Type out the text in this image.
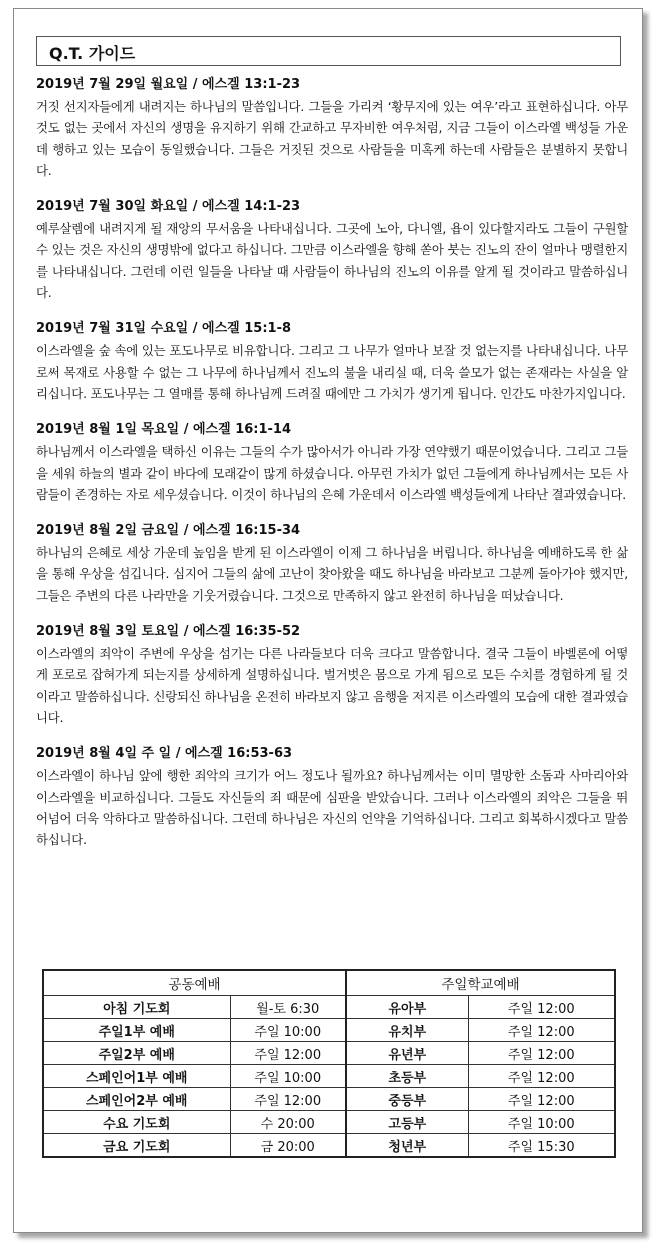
Q.T. 가이드

2019년 7월 29일 월요일 / 에스겔 13:1-23

거짓 선지자들에게 내려지는 하나님의 말씀입니다. 그들을 가리켜 ‘황무지에 있는 여우’라고 표현하십니다. 아무 것도 없는 곳에서 자신의 생명을 유지하기 위해 간교하고 무자비한 여우처럼, 지금 그들이 이스라엘 백성들 가운데 행하고 있는 모습이 동일했습니다. 그들은 거짓된 것으로 사람들을 미혹케 하는데 사람들은 분별하지 못합니다.

2019년 7월 30일 화요일 / 에스겔 14:1-23

예루살렘에 내려지게 될 재앙의 무서움을 나타내십니다. 그곳에 노아, 다니엘, 욥이 있다할지라도 그들이 구원할 수 있는 것은 자신의 생명밖에 없다고 하십니다. 그만큼 이스라엘을 향해 쏟아 붓는 진노의 잔이 얼마나 맹렬한지를 나타내십니다. 그런데 이런 일들을 나타날 때 사람들이 하나님의 진노의 이유를 알게 될 것이라고 말씀하십니다.

2019년 7월 31일 수요일 / 에스겔 15:1-8

이스라엘을 숲 속에 있는 포도나무로 비유합니다. 그리고 그 나무가 얼마나 보잘 것 없는지를 나타내십니다. 나무로써 목재로 사용할 수 없는 그 나무에 하나님께서 진노의 불을 내리실 때, 더욱 쓸모가 없는 존재라는 사실을 알리십니다. 포도나무는 그 열매를 통해 하나님께 드려질 때에만 그 가치가 생기게 됩니다. 인간도 마찬가지입니다.

2019년 8월 1일 목요일 / 에스겔 16:1-14

하나님께서 이스라엘을 택하신 이유는 그들의 수가 많아서가 아니라 가장 연약했기 때문이었습니다. 그리고 그들을 세워 하늘의 별과 같이 바다에 모래같이 많게 하셨습니다. 아무런 가치가 없던 그들에게 하나님께서는 모든 사람들이 존경하는 자로 세우셨습니다. 이것이 하나님의 은혜 가운데서 이스라엘 백성들에게 나타난 결과였습니다.

2019년 8월 2일 금요일 / 에스겔 16:15-34

하나님의 은혜로 세상 가운데 높임을 받게 된 이스라엘이 이제 그 하나님을 버립니다. 하나님을 예배하도록 한 삶을 통해 우상을 섬깁니다. 심지어 그들의 삶에 고난이 찾아왔을 때도 하나님을 바라보고 그분께 돌아가야 했지만, 그들은 주변의 다른 나라만을 기웃거렸습니다. 그것으로 만족하지 않고 완전히 하나님을 떠났습니다.

2019년 8월 3일 토요일 / 에스겔 16:35-52

이스라엘의 죄악이 주변에 우상을 섬기는 다른 나라들보다 더욱 크다고 말씀합니다. 결국 그들이 바벨론에 어떻게 포로로 잡혀가게 되는지를 상세하게 설명하십니다. 벌거벗은 몸으로 가게 됨으로 모든 수치를 경험하게 될 것이라고 말씀하십니다. 신랑되신 하나님을 온전히 바라보지 않고 음행을 저지른 이스라엘의 모습에 대한 결과였습니다.

2019년 8월 4일 주 일 / 에스겔 16:53-63

이스라엘이 하나님 앞에 행한 죄악의 크기가 어느 정도나 될까요? 하나님께서는 이미 멸망한 소돔과 사마리아와 이스라엘을 비교하십니다. 그들도 자신들의 죄 때문에 심판을 받았습니다. 그러나 이스라엘의 죄악은 그들을 뛰어넘어 더욱 악하다고 말씀하십니다. 그런데 하나님은 자신의 언약을 기억하십니다. 그리고 회복하시겠다고 말씀하십니다.

공동예배		주일학교예배	
아침 기도회	월-토 6:30	유아부	주일 12:00
주일1부 예배	주일 10:00	유치부	주일 12:00
주일2부 예배	주일 12:00	유년부	주일 12:00
스페인어1부 예배	주일 10:00	초등부	주일 12:00
스페인어2부 예배	주일 12:00	중등부	주일 12:00
수요 기도회	수 20:00	고등부	주일 10:00
금요 기도회	금 20:00	청년부	주일 15:30
